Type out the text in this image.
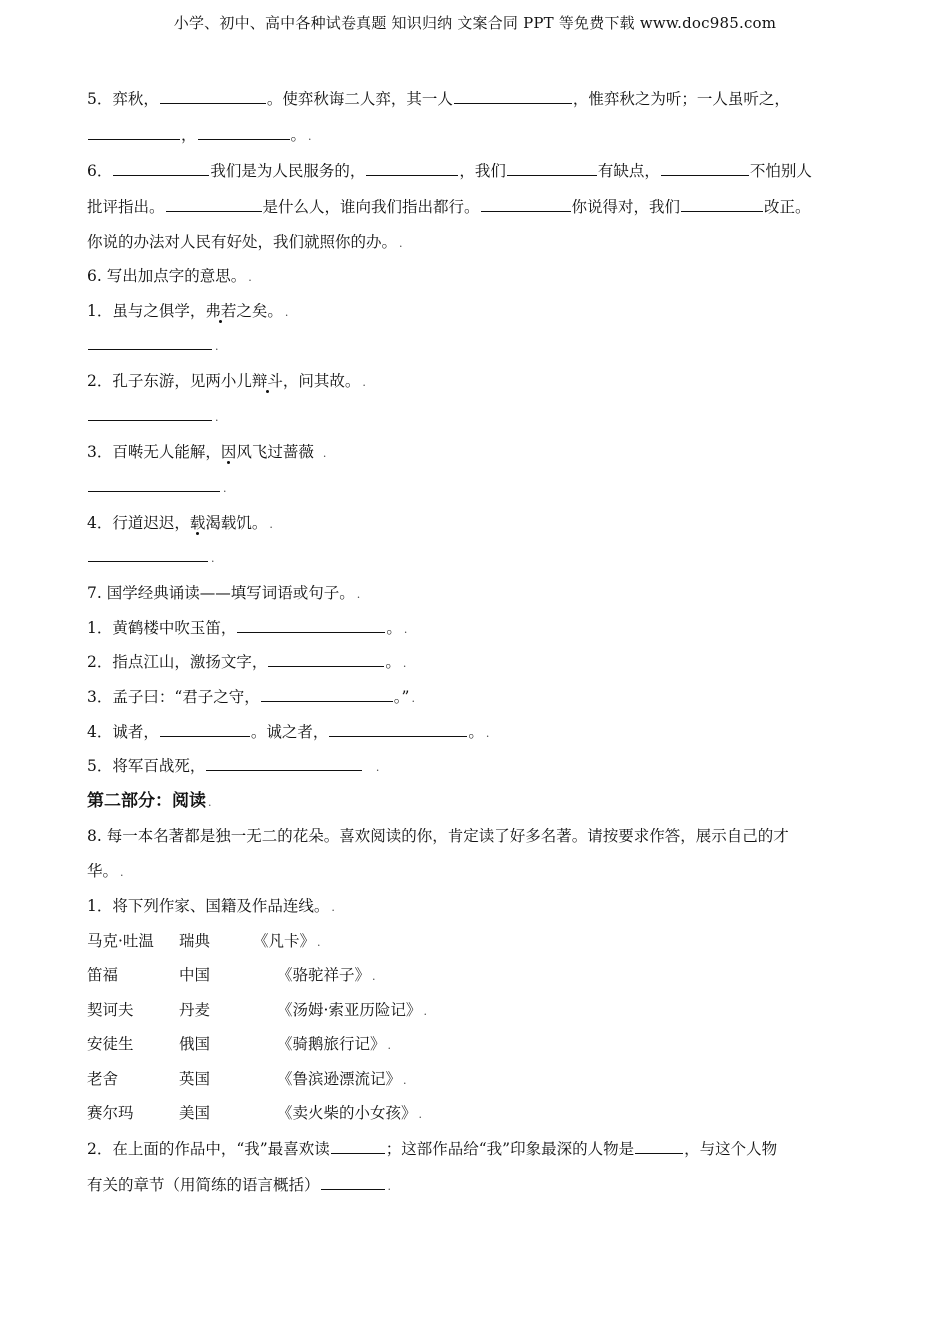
小学、初中、高中各种试卷真题 知识归纳 文案合同 PPT 等免费下载 www.doc985.com
5．弈秋，	。使弈秋诲二人弈，其一人	，惟弈秋之为听；一人虽听之，
，	。 .
6．	我们是为人民服务的，	，我们	有缺点，	不怕别人
批评指出。	是什么人，谁向我们指出都行。	你说得对，我们	改正。
你说的办法对人民有好处，我们就照你的办。 .
6. 写出加点字的意思。 .
1．虽与之俱学，弗若之矣。 .
.
2．孔子东游，见两小儿辩斗，问其故。 .
.
3．百啭无人能解，因风飞过蔷薇  .
.
4．行道迟迟，载渴载饥。 .
.
7. 国学经典诵读——填写词语或句子。 .
1．黄鹤楼中吹玉笛，	。 .
2．指点江山，激扬文字，	。 .
3．孟子曰：“君子之守，	。” .
4．诚者，	。诚之者，	。 .
5．将军百战死，	.
第二部分：阅读 .
8. 每一本名著都是独一无二的花朵。喜欢阅读的你，肯定读了好多名著。请按要求作答，展示自己的才
华。 .
1．将下列作家、国籍及作品连线。 .
马克·吐温 瑞典	《凡卡》 .
笛福	中国	《骆驼祥子》 .
契诃夫	丹麦	《汤姆·索亚历险记》 .
安徒生	俄国	《骑鹅旅行记》 .
老舍	英国	《鲁滨逊漂流记》 .
赛尔玛	美国	《卖火柴的小女孩》 .
2．在上面的作品中，“我”最喜欢读	；这部作品给“我”印象最深的人物是	，与这个人物
有关的章节（用简练的语言概括）	.
